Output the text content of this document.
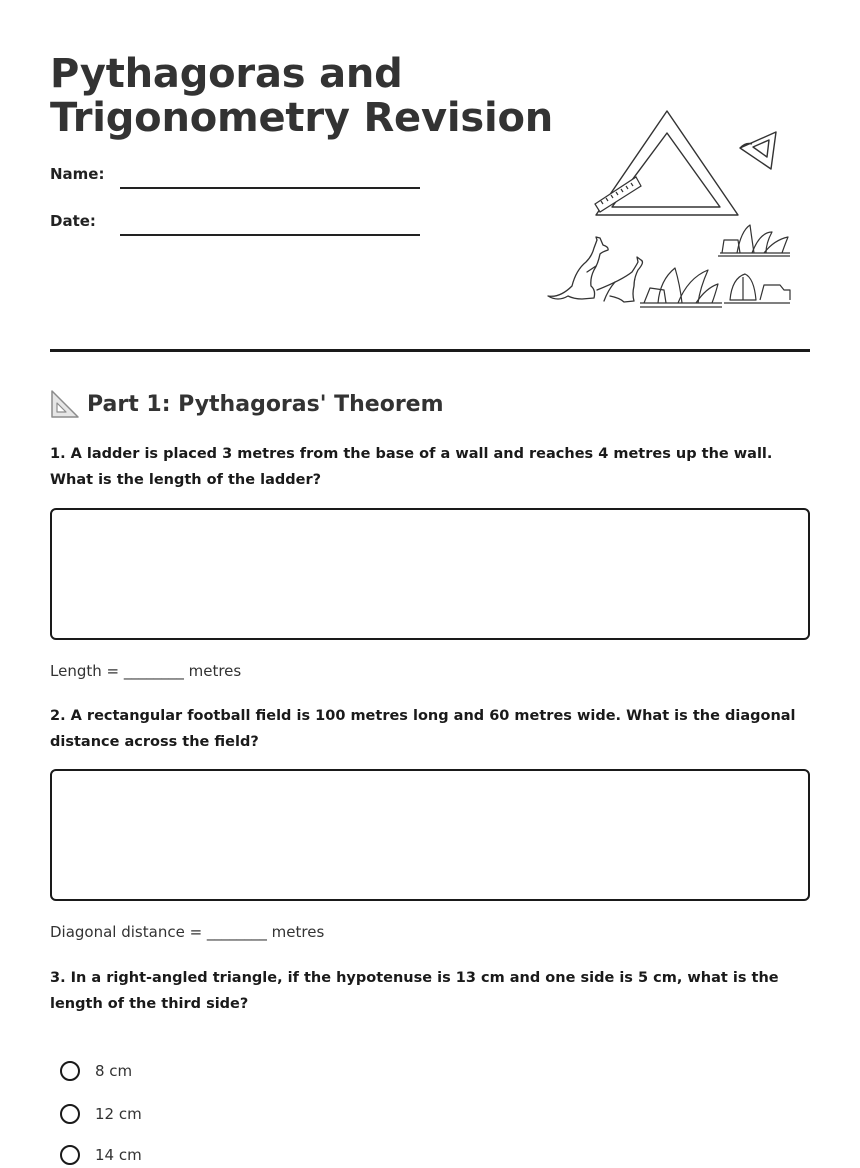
Pythagoras and
Trigonometry Revision
Name:
Date:
Part 1: Pythagoras' Theorem

1. A ladder is placed 3 metres from the base of a wall and reaches 4 metres up the wall. What is the length of the ladder?

Length = ________ metres

2. A rectangular football field is 100 metres long and 60 metres wide. What is the diagonal distance across the field?

Diagonal distance = ________ metres

3. In a right-angled triangle, if the hypotenuse is 13 cm and one side is 5 cm, what is the length of the third side?

8 cm
12 cm
14 cm
